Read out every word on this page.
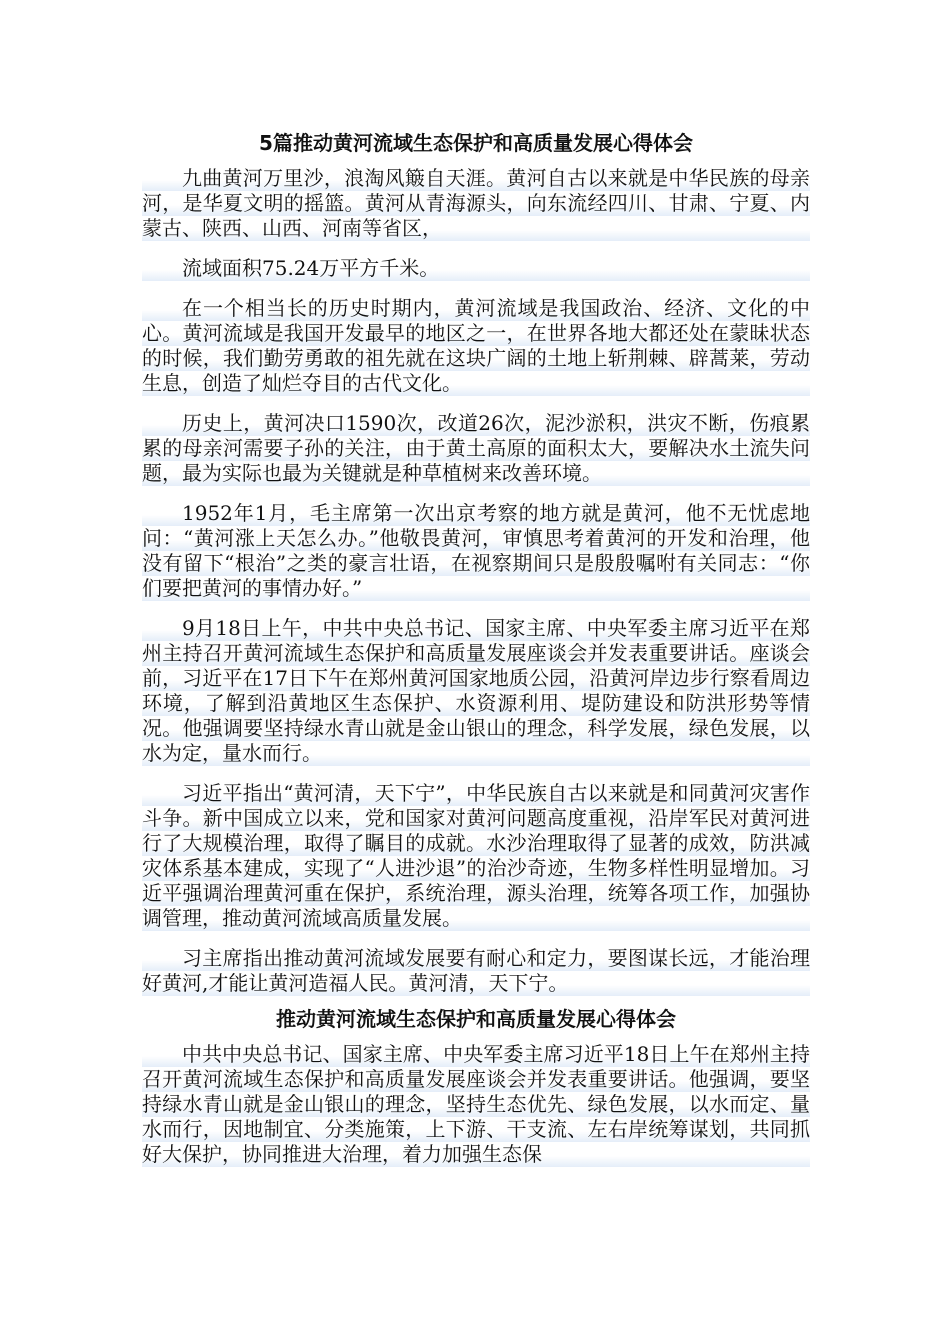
5篇推动黄河流域生态保护和高质量发展心得体会

九曲黄河万里沙，浪淘风簸自天涯。黄河自古以来就是中华民族的母亲河，是华夏文明的摇篮。黄河从青海源头，向东流经四川、甘肃、宁夏、内蒙古、陕西、山西、河南等省区，

流域面积75.24万平方千米。

在一个相当长的历史时期内，黄河流域是我国政治、经济、文化的中心。黄河流域是我国开发最早的地区之一，在世界各地大都还处在蒙昧状态的时候，我们勤劳勇敢的祖先就在这块广阔的土地上斩荆棘、辟蒿莱，劳动生息，创造了灿烂夺目的古代文化。

历史上，黄河决口1590次，改道26次，泥沙淤积，洪灾不断，伤痕累累的母亲河需要子孙的关注，由于黄土高原的面积太大，要解决水土流失问题，最为实际也最为关键就是种草植树来改善环境。

1952年1月，毛主席第一次出京考察的地方就是黄河，他不无忧虑地问：“黄河涨上天怎么办。”他敬畏黄河，审慎思考着黄河的开发和治理，他没有留下“根治”之类的豪言壮语，在视察期间只是殷殷嘱咐有关同志：“你们要把黄河的事情办好。”

9月18日上午，中共中央总书记、国家主席、中央军委主席习近平在郑州主持召开黄河流域生态保护和高质量发展座谈会并发表重要讲话。座谈会前，习近平在17日下午在郑州黄河国家地质公园，沿黄河岸边步行察看周边环境，了解到沿黄地区生态保护、水资源利用、堤防建设和防洪形势等情况。他强调要坚持绿水青山就是金山银山的理念，科学发展，绿色发展，以水为定，量水而行。

习近平指出“黄河清，天下宁”，中华民族自古以来就是和同黄河灾害作斗争。新中国成立以来，党和国家对黄河问题高度重视，沿岸军民对黄河进行了大规模治理，取得了瞩目的成就。水沙治理取得了显著的成效，防洪减灾体系基本建成，实现了“人进沙退”的治沙奇迹，生物多样性明显增加。习近平强调治理黄河重在保护，系统治理，源头治理，统筹各项工作，加强协调管理，推动黄河流域高质量发展。

习主席指出推动黄河流域发展要有耐心和定力，要图谋长远，才能治理好黄河,才能让黄河造福人民。黄河清，天下宁。

推动黄河流域生态保护和高质量发展心得体会

中共中央总书记、国家主席、中央军委主席习近平18日上午在郑州主持召开黄河流域生态保护和高质量发展座谈会并发表重要讲话。他强调，要坚持绿水青山就是金山银山的理念，坚持生态优先、绿色发展，以水而定、量水而行，因地制宜、分类施策，上下游、干支流、左右岸统筹谋划，共同抓好大保护，协同推进大治理，着力加强生态保
